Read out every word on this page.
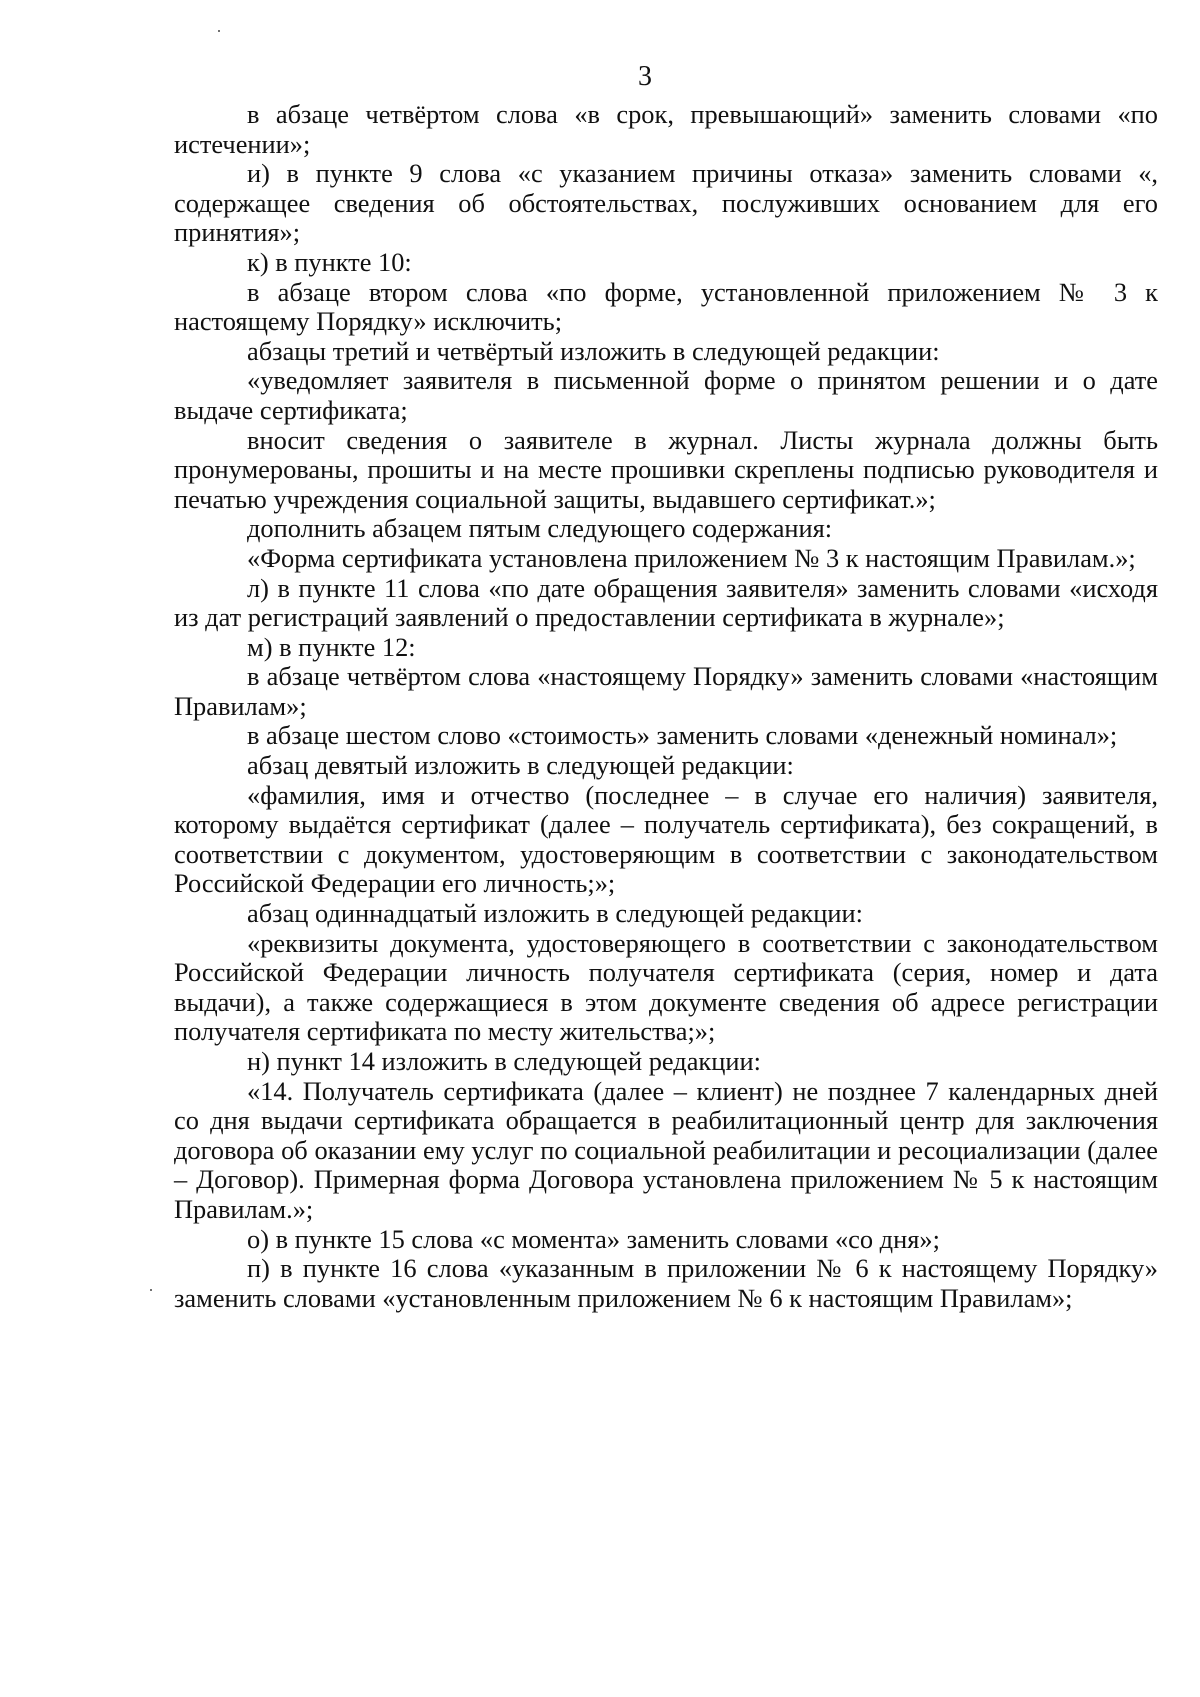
3

в абзаце четвёртом слова «в срок, превышающий» заменить словами «по истечении»;

и) в пункте 9 слова «с указанием причины отказа» заменить словами «, содержащее сведения об обстоятельствах, послуживших основанием для его принятия»;

к) в пункте 10:

в абзаце втором слова «по форме, установленной приложением № 3 к настоящему Порядку» исключить;

абзацы третий и четвёртый изложить в следующей редакции:

«уведомляет заявителя в письменной форме о принятом решении и о дате выдаче сертификата;

вносит сведения о заявителе в журнал. Листы журнала должны быть пронумерованы, прошиты и на месте прошивки скреплены подписью руководителя и печатью учреждения социальной защиты, выдавшего сертификат.»;

дополнить абзацем пятым следующего содержания:

«Форма сертификата установлена приложением № 3 к настоящим Правилам.»;

л) в пункте 11 слова «по дате обращения заявителя» заменить словами «исходя из дат регистраций заявлений о предоставлении сертификата в журнале»;

м) в пункте 12:

в абзаце четвёртом слова «настоящему Порядку» заменить словами «настоящим Правилам»;

в абзаце шестом слово «стоимость» заменить словами «денежный номинал»;

абзац девятый изложить в следующей редакции:

«фамилия, имя и отчество (последнее – в случае его наличия) заявителя, которому выдаётся сертификат (далее – получатель сертификата), без сокращений, в соответствии с документом, удостоверяющим в соответствии с законодательством Российской Федерации его личность;»;

абзац одиннадцатый изложить в следующей редакции:

«реквизиты документа, удостоверяющего в соответствии с законодательством Российской Федерации личность получателя сертификата (серия, номер и дата выдачи), а также содержащиеся в этом документе сведения об адресе регистрации получателя сертификата по месту жительства;»;

н) пункт 14 изложить в следующей редакции:

«14. Получатель сертификата (далее – клиент) не позднее 7 календарных дней со дня выдачи сертификата обращается в реабилитационный центр для заключения договора об оказании ему услуг по социальной реабилитации и ресоциализации (далее – Договор). Примерная форма Договора установлена приложением № 5 к настоящим Правилам.»;

о) в пункте 15 слова «с момента» заменить словами «со дня»;

п) в пункте 16 слова «указанным в приложении № 6 к настоящему Порядку» заменить словами «установленным приложением № 6 к настоящим Правилам»;
